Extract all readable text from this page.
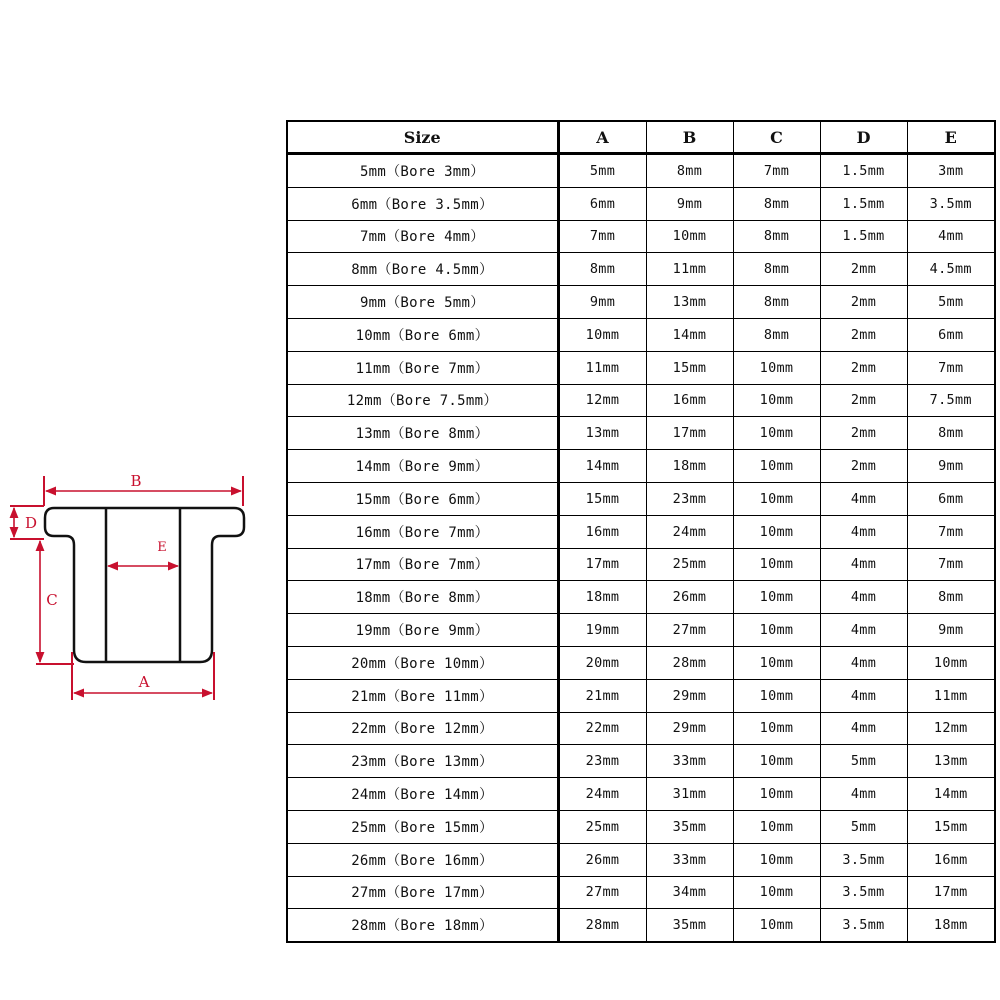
B
D
E
C
A
Size	A	B	C	D	E
5mm（Bore 3mm）	5mm	8mm	7mm	1.5mm	3mm
6mm（Bore 3.5mm）	6mm	9mm	8mm	1.5mm	3.5mm
7mm（Bore 4mm）	7mm	10mm	8mm	1.5mm	4mm
8mm（Bore 4.5mm）	8mm	11mm	8mm	2mm	4.5mm
9mm（Bore 5mm）	9mm	13mm	8mm	2mm	5mm
10mm（Bore 6mm）	10mm	14mm	8mm	2mm	6mm
11mm（Bore 7mm）	11mm	15mm	10mm	2mm	7mm
12mm（Bore 7.5mm）	12mm	16mm	10mm	2mm	7.5mm
13mm（Bore 8mm）	13mm	17mm	10mm	2mm	8mm
14mm（Bore 9mm）	14mm	18mm	10mm	2mm	9mm
15mm（Bore 6mm）	15mm	23mm	10mm	4mm	6mm
16mm（Bore 7mm）	16mm	24mm	10mm	4mm	7mm
17mm（Bore 7mm）	17mm	25mm	10mm	4mm	7mm
18mm（Bore 8mm）	18mm	26mm	10mm	4mm	8mm
19mm（Bore 9mm）	19mm	27mm	10mm	4mm	9mm
20mm（Bore 10mm）	20mm	28mm	10mm	4mm	10mm
21mm（Bore 11mm）	21mm	29mm	10mm	4mm	11mm
22mm（Bore 12mm）	22mm	29mm	10mm	4mm	12mm
23mm（Bore 13mm）	23mm	33mm	10mm	5mm	13mm
24mm（Bore 14mm）	24mm	31mm	10mm	4mm	14mm
25mm（Bore 15mm）	25mm	35mm	10mm	5mm	15mm
26mm（Bore 16mm）	26mm	33mm	10mm	3.5mm	16mm
27mm（Bore 17mm）	27mm	34mm	10mm	3.5mm	17mm
28mm（Bore 18mm）	28mm	35mm	10mm	3.5mm	18mm
